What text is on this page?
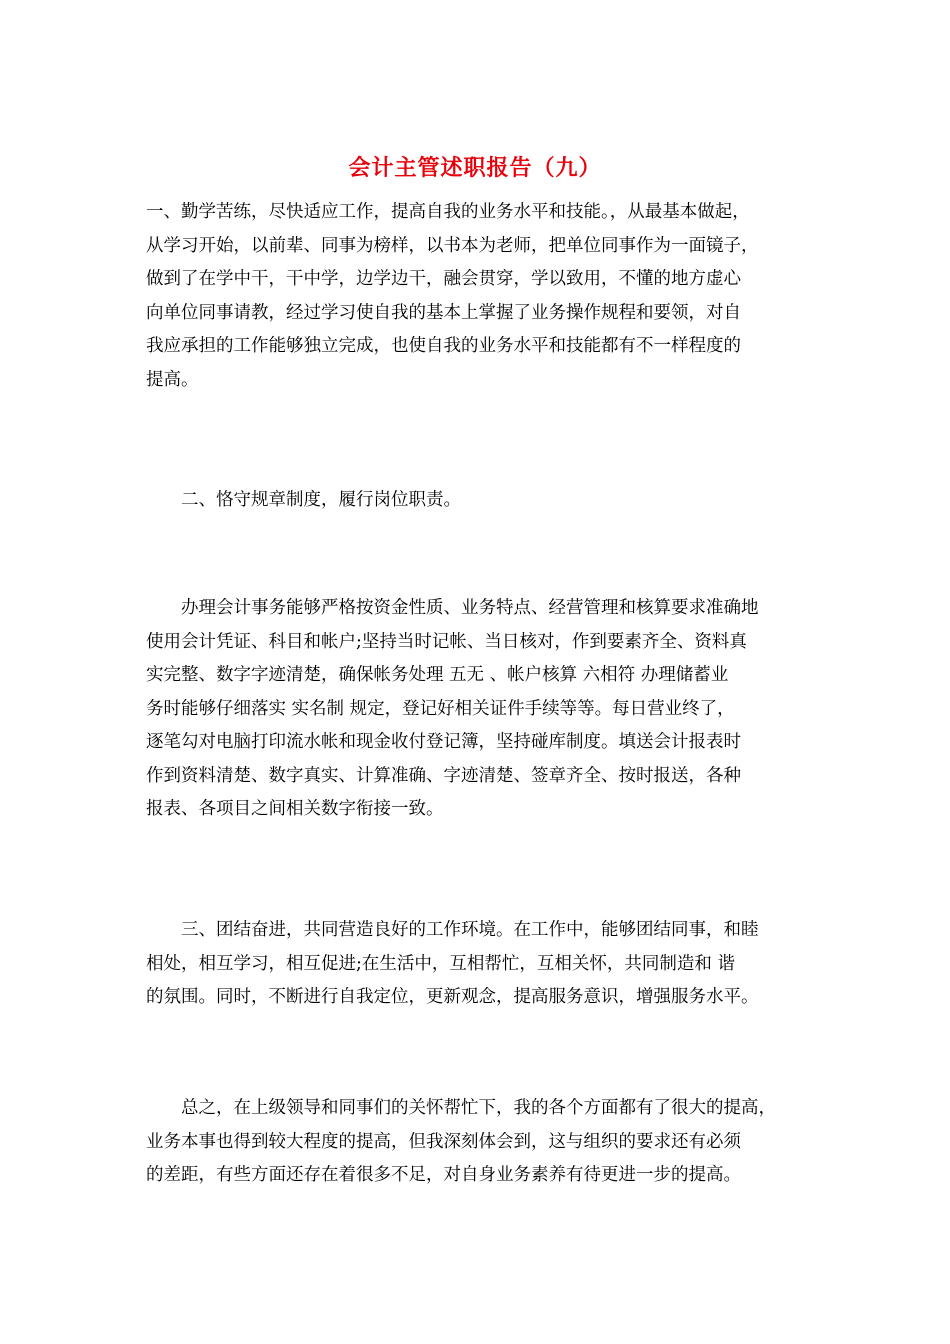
会计主管述职报告（九）
一、勤学苦练，尽快适应工作，提高自我的业务水平和技能。，从最基本做起，
从学习开始，以前辈、同事为榜样，以书本为老师，把单位同事作为一面镜子，
做到了在学中干，干中学，边学边干，融会贯穿，学以致用，不懂的地方虚心
向单位同事请教，经过学习使自我的基本上掌握了业务操作规程和要领，对自
我应承担的工作能够独立完成，也使自我的业务水平和技能都有不一样程度的
提高。
　　二、恪守规章制度，履行岗位职责。
　　办理会计事务能够严格按资金性质、业务特点、经营管理和核算要求准确地
使用会计凭证、科目和帐户;坚持当时记帐、当日核对，作到要素齐全、资料真
实完整、数字字迹清楚，确保帐务处理 五无 、帐户核算 六相符 办理储蓄业
务时能够仔细落实 实名制 规定，登记好相关证件手续等等。每日营业终了，
逐笔勾对电脑打印流水帐和现金收付登记簿，坚持碰库制度。填送会计报表时
作到资料清楚、数字真实、计算准确、字迹清楚、签章齐全、按时报送，各种
报表、各项目之间相关数字衔接一致。
　　三、团结奋进，共同营造良好的工作环境。在工作中，能够团结同事，和睦
相处，相互学习，相互促进;在生活中，互相帮忙，互相关怀，共同制造和 谐
的氛围。同时，不断进行自我定位，更新观念，提高服务意识，增强服务水平。
　　总之，在上级领导和同事们的关怀帮忙下，我的各个方面都有了很大的提高，
业务本事也得到较大程度的提高，但我深刻体会到，这与组织的要求还有必须
的差距，有些方面还存在着很多不足，对自身业务素养有待更进一步的提高。
